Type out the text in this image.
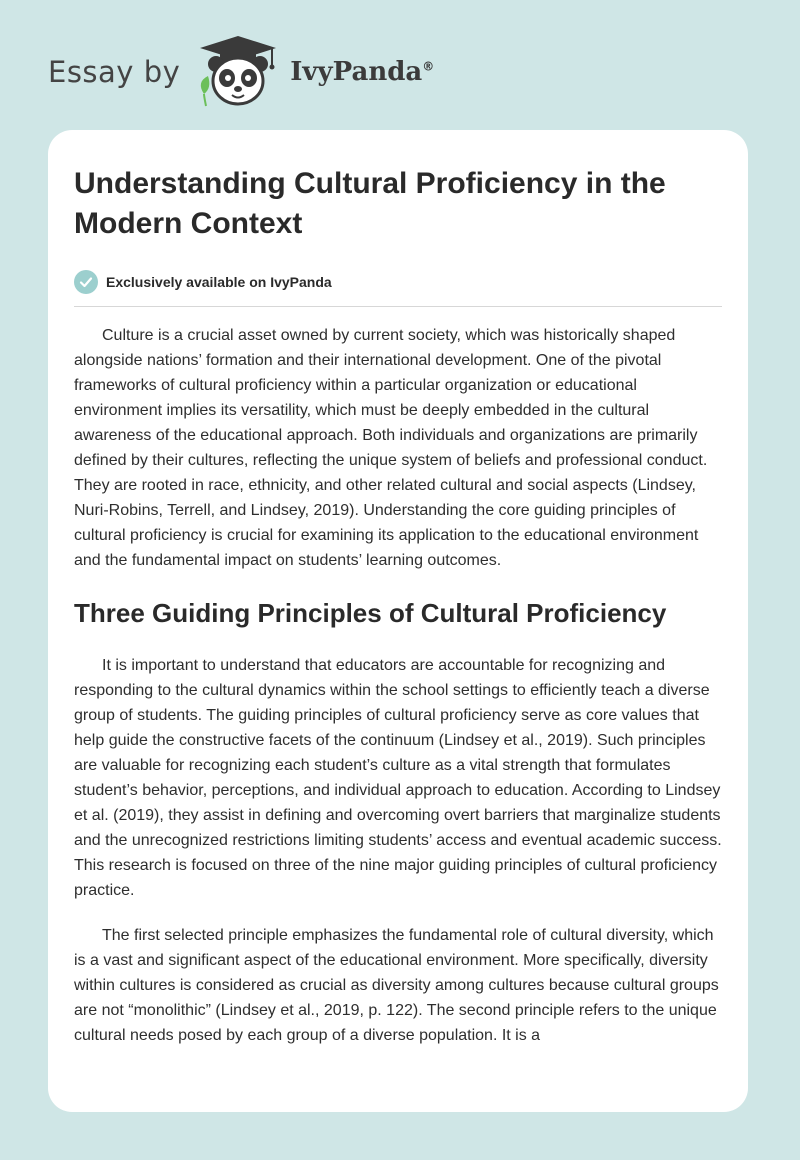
Essay by	IvyPanda®
Understanding Cultural Proficiency in the Modern Context
Exclusively available on IvyPanda

Culture is a crucial asset owned by current society, which was historically shaped alongside nations’ formation and their international development. One of the pivotal frameworks of cultural proficiency within a particular organization or educational environment implies its versatility, which must be deeply embedded in the cultural awareness of the educational approach. Both individuals and organizations are primarily defined by their cultures, reflecting the unique system of beliefs and professional conduct. They are rooted in race, ethnicity, and other related cultural and social aspects (Lindsey, Nuri-Robins, Terrell, and Lindsey, 2019). Understanding the core guiding principles of cultural proficiency is crucial for examining its application to the educational environment and the fundamental impact on students’ learning outcomes.

Three Guiding Principles of Cultural Proficiency

It is important to understand that educators are accountable for recognizing and responding to the cultural dynamics within the school settings to efficiently teach a diverse group of students. The guiding principles of cultural proficiency serve as core values that help guide the constructive facets of the continuum (Lindsey et al., 2019). Such principles are valuable for recognizing each student’s culture as a vital strength that formulates student’s behavior, perceptions, and individual approach to education. According to Lindsey et al. (2019), they assist in defining and overcoming overt barriers that marginalize students and the unrecognized restrictions limiting students’ access and eventual academic success. This research is focused on three of the nine major guiding principles of cultural proficiency practice.

The first selected principle emphasizes the fundamental role of cultural diversity, which is a vast and significant aspect of the educational environment. More specifically, diversity within cultures is considered as crucial as diversity among cultures because cultural groups are not “monolithic” (Lindsey et al., 2019, p. 122). The second principle refers to the unique cultural needs posed by each group of a diverse population. It is a
